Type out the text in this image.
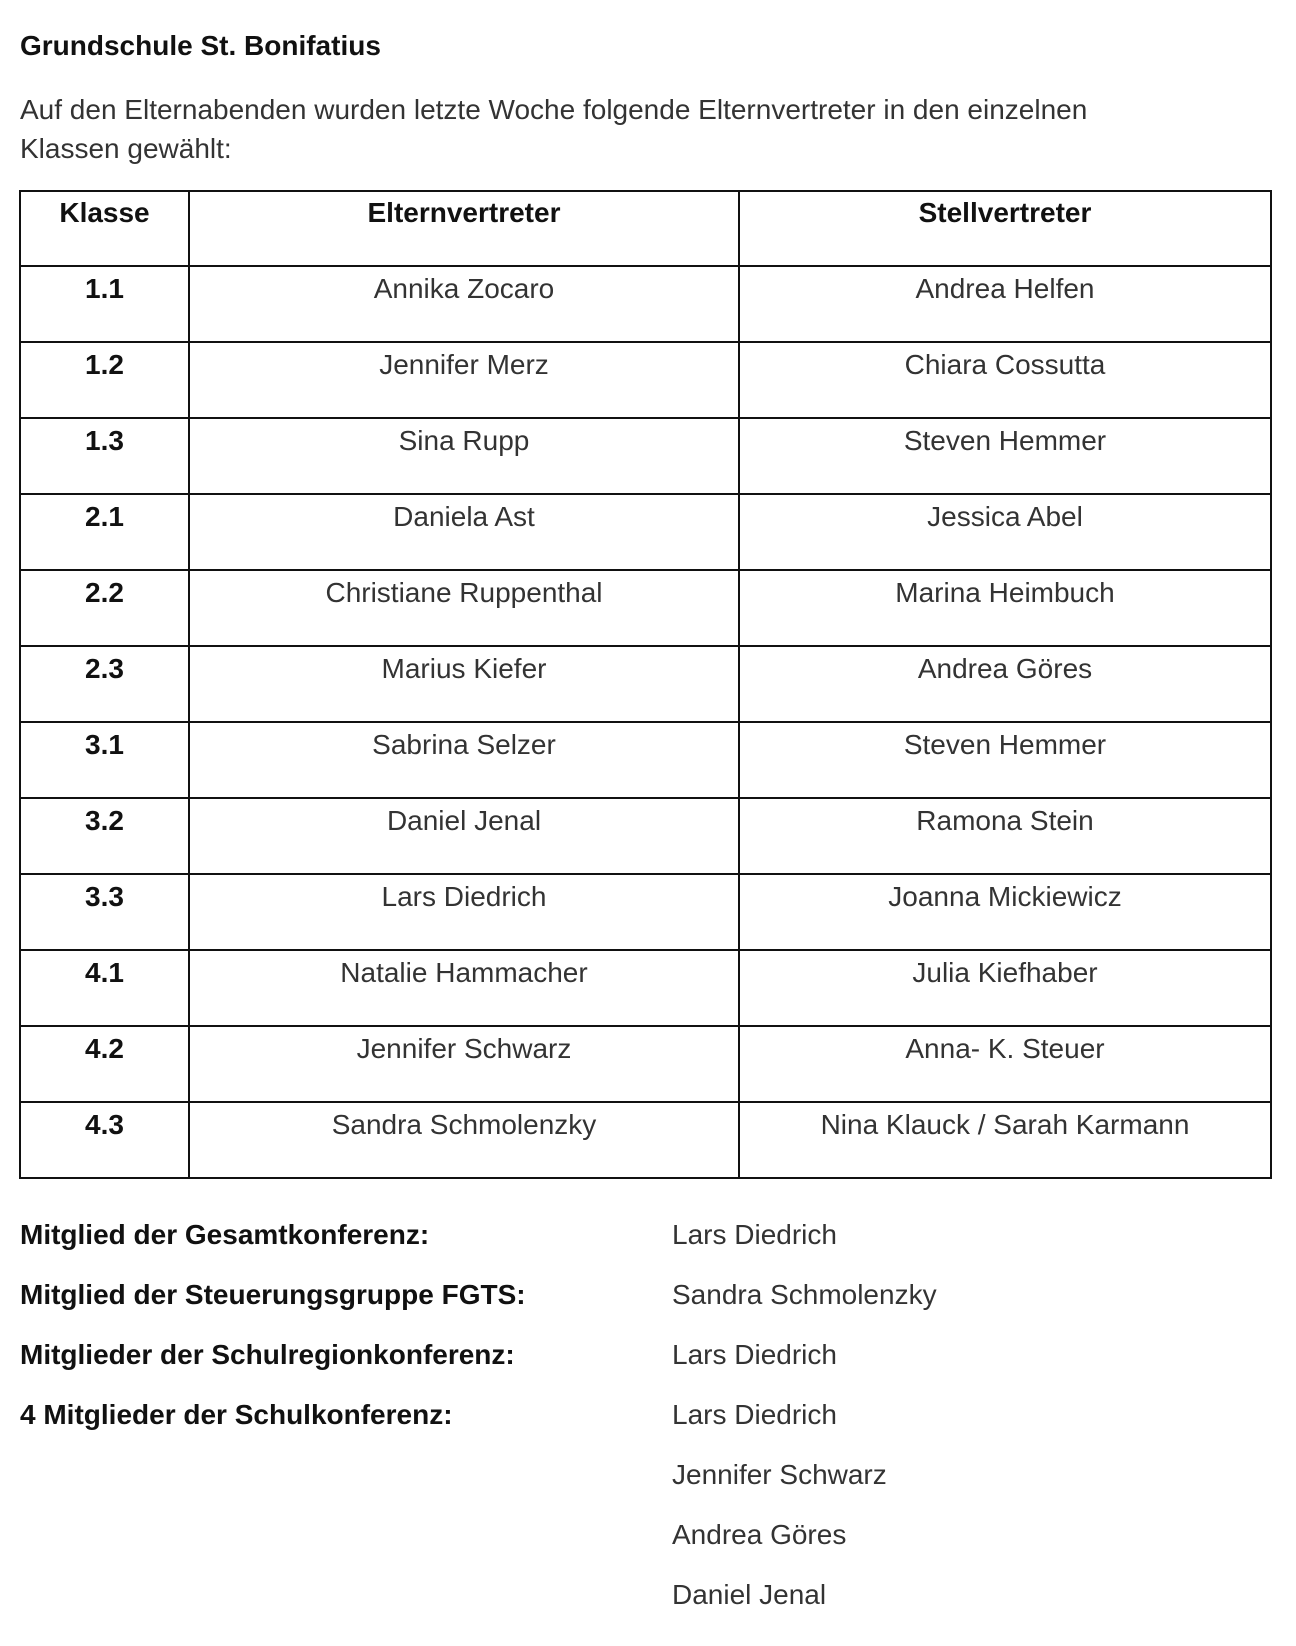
Grundschule St. Bonifatius

Auf den Elternabenden wurden letzte Woche folgende Elternvertreter in den einzelnen Klassen gewählt:

Klasse	Elternvertreter	Stellvertreter
1.1	Annika Zocaro	Andrea Helfen
1.2	Jennifer Merz	Chiara Cossutta
1.3	Sina Rupp	Steven Hemmer
2.1	Daniela Ast	Jessica Abel
2.2	Christiane Ruppenthal	Marina Heimbuch
2.3	Marius Kiefer	Andrea Göres
3.1	Sabrina Selzer	Steven Hemmer
3.2	Daniel Jenal	Ramona Stein
3.3	Lars Diedrich	Joanna Mickiewicz
4.1	Natalie Hammacher	Julia Kiefhaber
4.2	Jennifer Schwarz	Anna- K. Steuer
4.3	Sandra Schmolenzky	Nina Klauck / Sarah Karmann
Mitglied der Gesamtkonferenz:	Lars Diedrich
Mitglied der Steuerungsgruppe FGTS:	Sandra Schmolenzky
Mitglieder der Schulregionkonferenz:	Lars Diedrich
4 Mitglieder der Schulkonferenz:	Lars Diedrich
Jennifer Schwarz
Andrea Göres
Daniel Jenal
